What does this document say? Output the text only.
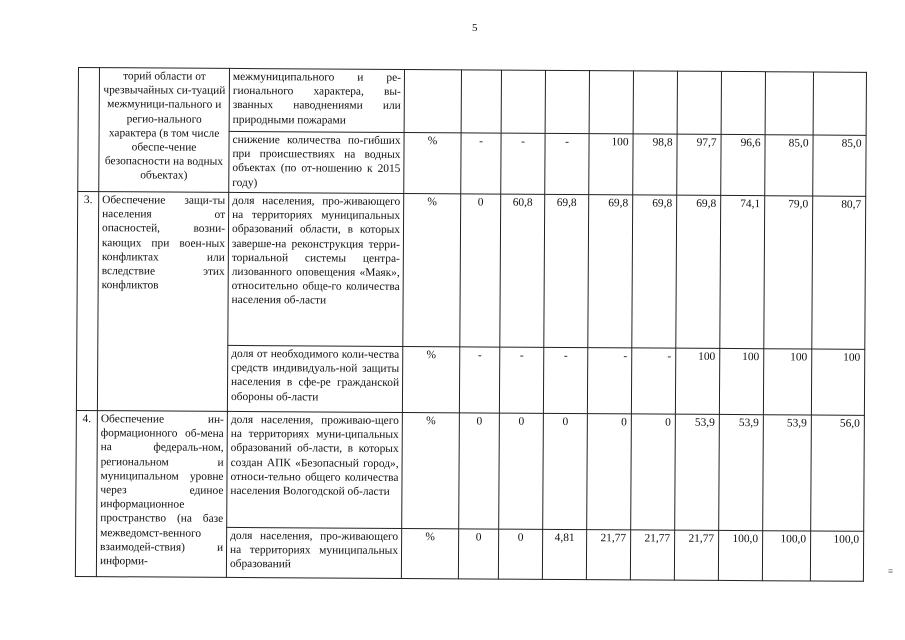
5
≡
	торий области от чрезвычайных си-туаций межмуници-пального и регио-нального характера (в том числе обеспе-чение безопасности на водных объектах)	межмуниципального и ре-гионального характера, вы-званных наводнениями или природными пожарами										
		снижение количества по-гибших при происшествиях на водных объектах (по от-ношению к 2015 году)	%	-	-	-	100	98,8	97,7	96,6	85,0	85,0
3.	Обеспечение защи-ты населения от опасностей, возни-кающих при воен-ных конфликтах или вследствие этих конфликтов	доля населения, про-живающего на территориях муниципальных образований области, в которых заверше-на реконструкция терри-ториальной системы центра-лизованного оповещения «Маяк», относительно обще-го количества населения об-ласти	%	0	60,8	69,8	69,8	69,8	69,8	74,1	79,0	80,7
		доля от необходимого коли-чества средств индивидуаль-ной защиты населения в сфе-ре гражданской обороны об-ласти	%	-	-	-	-	-	100	100	100	100
4.	Обеспечение ин-формационного об-мена на федераль-ном, региональном и муниципальном уровне через единое информационное пространство (на базе межведомст-венного взаимодей-ствия) и информи-	доля населения, проживаю-щего на территориях муни-ципальных образований об-ласти, в которых создан АПК «Безопасный город», относи-тельно общего количества населения Вологодской об-ласти	%	0	0	0	0	0	53,9	53,9	53,9	56,0
		доля населения, про-живающего на территориях муниципальных образований	%	0	0	4,81	21,77	21,77	21,77	100,0	100,0	100,0
